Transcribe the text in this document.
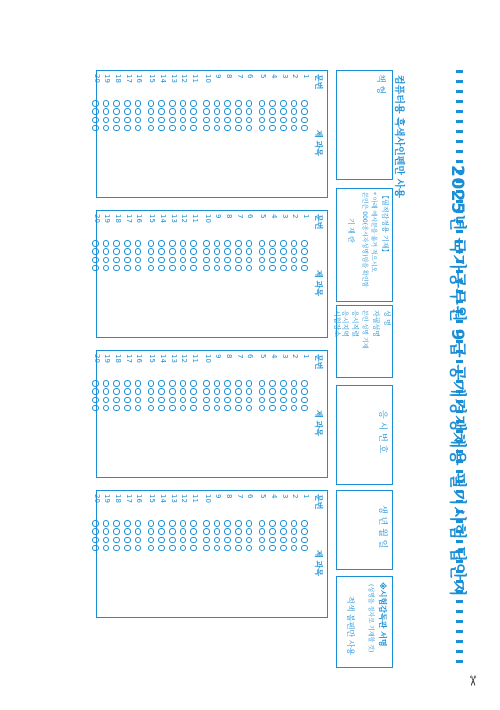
2025년 국가공무원 9급 공개경쟁채용 필기시험 답안지
컴퓨터용 흑색사인펜만 사용
책 형
【필적감정용 기재】
* 아래 예시문을 옮겨 적으시오
본인은 000(응시자성명)임을 확인함
기 재 란
성 명
자필성명
본인 성명 기재
응시직렬
응시지역
시험장소
응 시 번 호
생 년 월 일
※시험감독관 서명
(성명을 정자로 기재할 것)
적색 볼펜만 사용
문번
제 과목
1
2
3
4
5
6
7
8
9
10
11
12
13
14
15
16
17
18
19
20
문번
제 과목
1
2
3
4
5
6
7
8
9
10
11
12
13
14
15
16
17
18
19
20
문번
제 과목
1
2
3
4
5
6
7
8
9
10
11
12
13
14
15
16
17
18
19
20
문번
제 과목
1
2
3
4
5
6
7
8
9
10
11
12
13
14
15
16
17
18
19
20
✂
